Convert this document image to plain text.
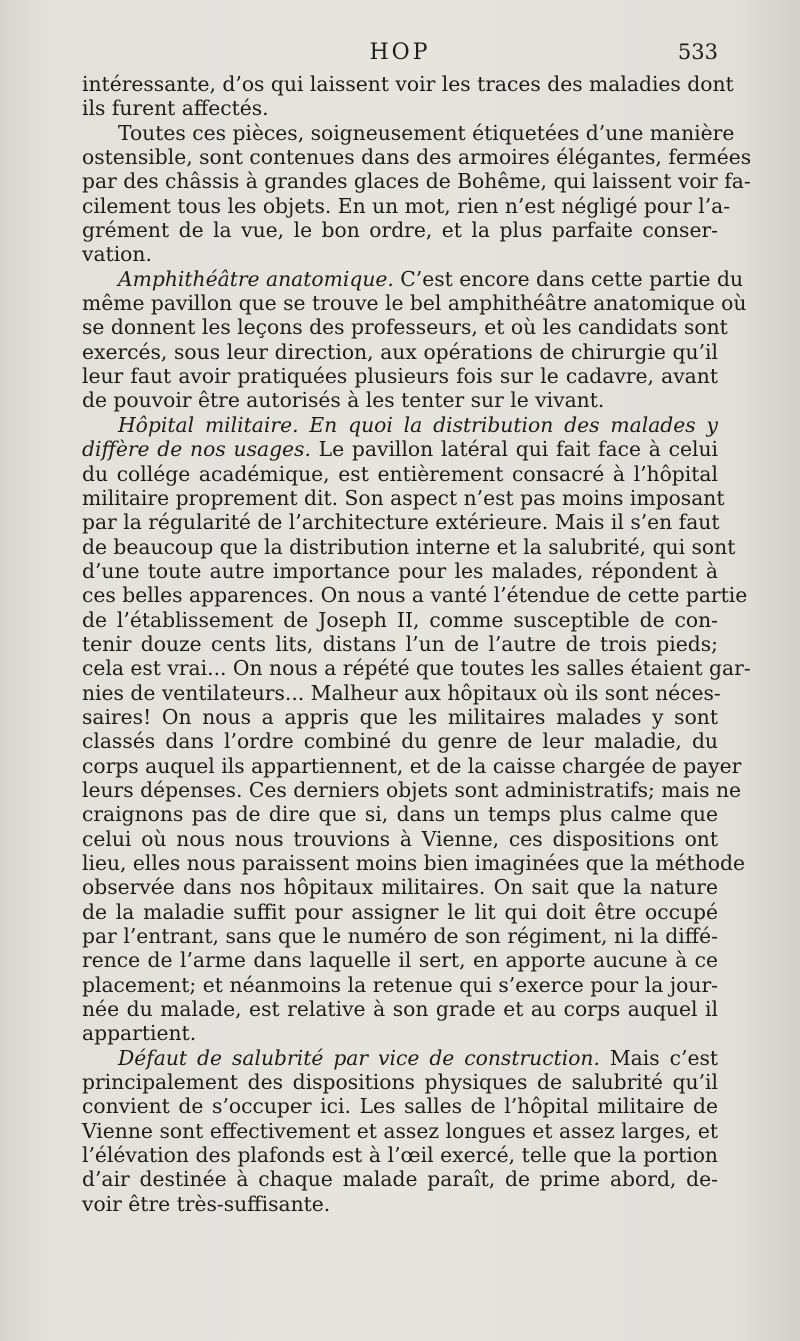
HOP	533
intéressante, d’os qui laissent voir les traces des maladies dont
ils furent affectés.
Toutes ces pièces, soigneusement étiquetées d’une manière
ostensible, sont contenues dans des armoires élégantes, fermées
par des châssis à grandes glaces de Bohême, qui laissent voir fa-
cilement tous les objets. En un mot, rien n’est négligé pour l’a-
grément de la vue, le bon ordre, et la plus parfaite conser-
vation.
Amphithéâtre anatomique. C’est encore dans cette partie du
même pavillon que se trouve le bel amphithéâtre anatomique où
se donnent les leçons des professeurs, et où les candidats sont
exercés, sous leur direction, aux opérations de chirurgie qu’il
leur faut avoir pratiquées plusieurs fois sur le cadavre, avant
de pouvoir être autorisés à les tenter sur le vivant.
Hôpital militaire. En quoi la distribution des malades y
diffère de nos usages. Le pavillon latéral qui fait face à celui
du collége académique, est entièrement consacré à l’hôpital
militaire proprement dit. Son aspect n’est pas moins imposant
par la régularité de l’architecture extérieure. Mais il s’en faut
de beaucoup que la distribution interne et la salubrité, qui sont
d’une toute autre importance pour les malades, répondent à
ces belles apparences. On nous a vanté l’étendue de cette partie
de l’établissement de Joseph II, comme susceptible de con-
tenir douze cents lits, distans l’un de l’autre de trois pieds;
cela est vrai... On nous a répété que toutes les salles étaient gar-
nies de ventilateurs... Malheur aux hôpitaux où ils sont néces-
saires! On nous a appris que les militaires malades y sont
classés dans l’ordre combiné du genre de leur maladie, du
corps auquel ils appartiennent, et de la caisse chargée de payer
leurs dépenses. Ces derniers objets sont administratifs; mais ne
craignons pas de dire que si, dans un temps plus calme que
celui où nous nous trouvions à Vienne, ces dispositions ont
lieu, elles nous paraissent moins bien imaginées que la méthode
observée dans nos hôpitaux militaires. On sait que la nature
de la maladie suffit pour assigner le lit qui doit être occupé
par l’entrant, sans que le numéro de son régiment, ni la diffé-
rence de l’arme dans laquelle il sert, en apporte aucune à ce
placement; et néanmoins la retenue qui s’exerce pour la jour-
née du malade, est relative à son grade et au corps auquel il
appartient.
Défaut de salubrité par vice de construction. Mais c’est
principalement des dispositions physiques de salubrité qu’il
convient de s’occuper ici. Les salles de l’hôpital militaire de
Vienne sont effectivement et assez longues et assez larges, et
l’élévation des plafonds est à l’œil exercé, telle que la portion
d’air destinée à chaque malade paraît, de prime abord, de-
voir être très-suffisante.
